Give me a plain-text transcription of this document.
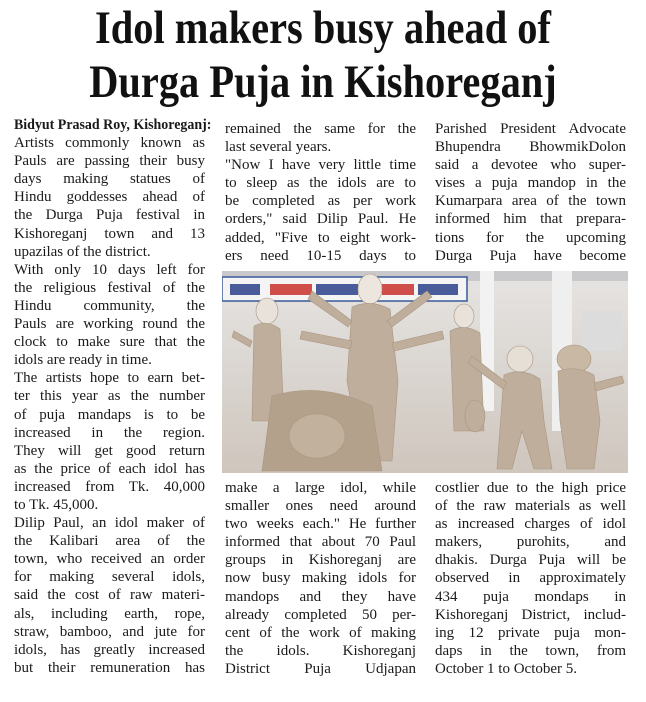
Idol makers busy ahead of
Durga Puja in Kishoreganj
Bidyut Prasad Roy, Kishoreganj:
Artists commonly known as
Pauls are passing their busy
days making statues of
Hindu goddesses ahead of
the Durga Puja festival in
Kishoreganj town and 13
upazilas of the district.
With only 10 days left for
the religious festival of the
Hindu community, the
Pauls are working round the
clock to make sure that the
idols are ready in time.
The artists hope to earn bet-
ter this year as the number
of puja mandaps is to be
increased in the region.
They will get good return
as the price of each idol has
increased from Tk. 40,000
to Tk. 45,000.
Dilip Paul, an idol maker of
the Kalibari area of the
town, who received an order
for making several idols,
said the cost of raw materi-
als, including earth, rope,
straw, bamboo, and jute for
idols, has greatly increased
but their remuneration has
remained the same for the
last several years.
"Now I have very little time
to sleep as the idols are to
be completed as per work
orders," said Dilip Paul. He
added, "Five to eight work-
ers need 10-15 days to
Parished President Advocate
Bhupendra BhowmikDolon
said a devotee who super-
vises a puja mandop in the
Kumarpara area of the town
informed him that prepara-
tions for the upcoming
Durga Puja have become
make a large idol, while
smaller ones need around
two weeks each." He further
informed that about 70 Paul
groups in Kishoreganj are
now busy making idols for
mandops and they have
already completed 50 per-
cent of the work of making
the idols. Kishoreganj
District Puja Udjapan
costlier due to the high price
of the raw materials as well
as increased charges of idol
makers, purohits, and
dhakis. Durga Puja will be
observed in approximately
434 puja mondaps in
Kishoreganj District, includ-
ing 12 private puja mon-
daps in the town, from
October 1 to October 5.
